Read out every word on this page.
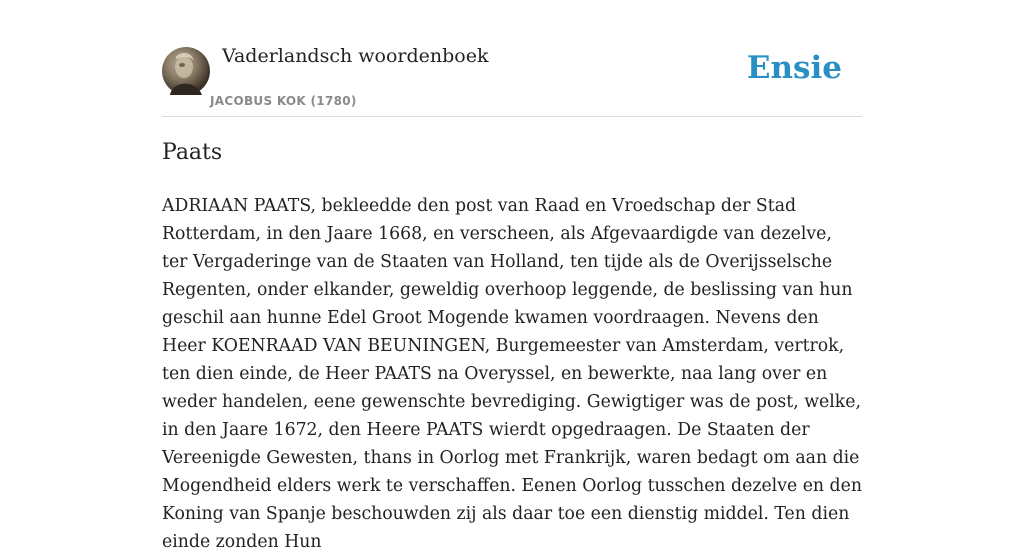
Vaderlandsch woordenboek
JACOBUS KOK (1780)
Ensie
Paats

ADRIAAN PAATS, bekleedde den post van Raad en Vroedschap der Stad Rotterdam, in den Jaare 1668, en verscheen, als Afgevaardigde van dezelve, ter Vergaderinge van de Staaten van Holland, ten tijde als de Overijsselsche Regenten, onder elkander, geweldig overhoop leggende, de beslissing van hun geschil aan hunne Edel Groot Mogende kwamen voordraagen. Nevens den Heer KOENRAAD VAN BEUNINGEN, Burgemeester van Amsterdam, vertrok, ten dien einde, de Heer PAATS na Overyssel, en bewerkte, naa lang over en weder handelen, eene gewenschte bevrediging. Gewigtiger was de post, welke, in den Jaare 1672, den Heere PAATS wierdt opgedraagen. De Staaten der Vereenigde Gewesten, thans in Oorlog met Frankrijk, waren bedagt om aan die Mogendheid elders werk te verschaffen. Eenen Oorlog tusschen dezelve en den Koning van Spanje beschouwden zij als daar toe een dienstig middel. Ten dien einde zonden Hun
